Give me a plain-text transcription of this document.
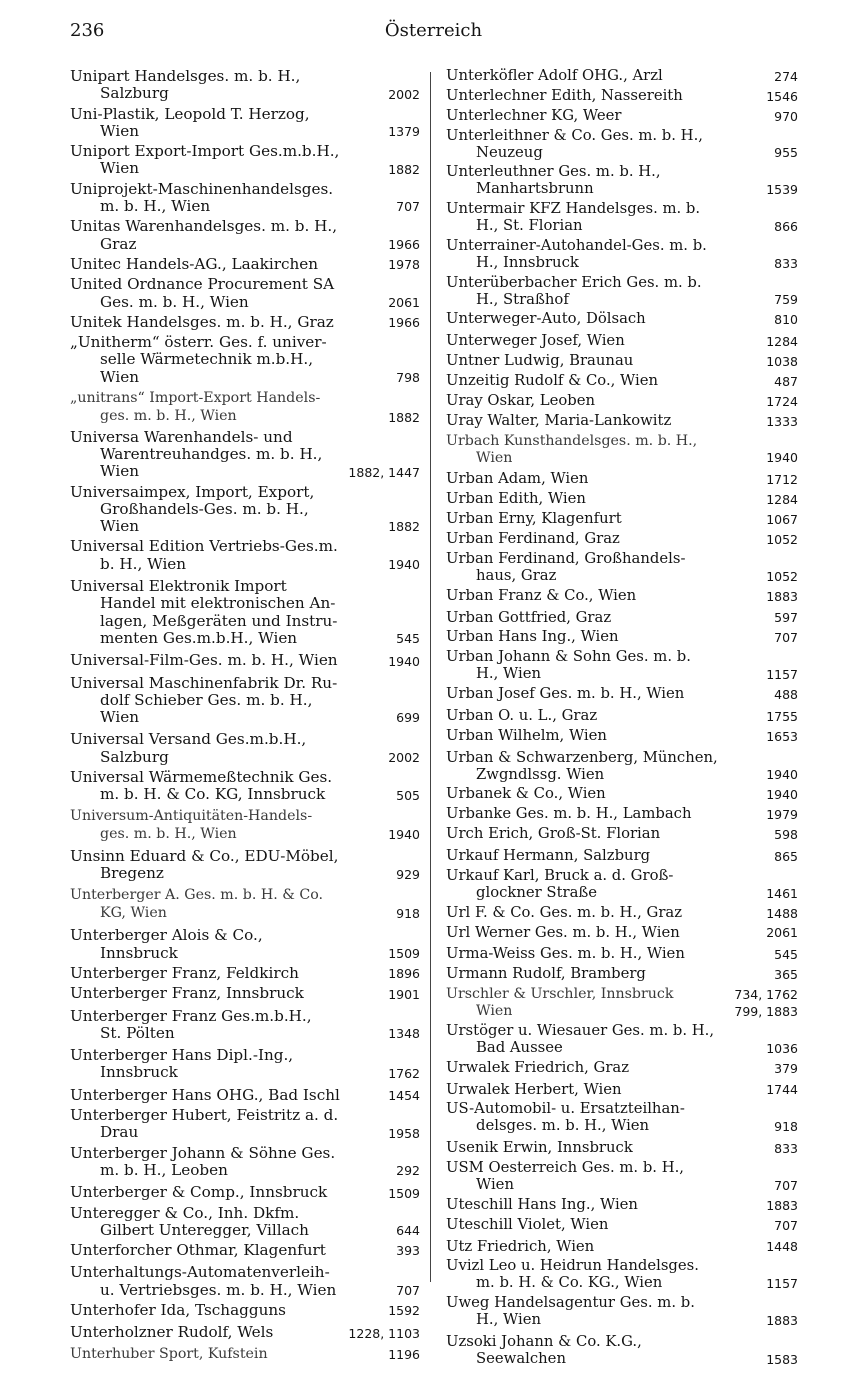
236	Österreich
Unipart Handelsges. m. b. H.,
Salzburg	2002
Uni-Plastik, Leopold T. Herzog,
Wien	1379
Uniport Export-Import Ges.m.b.H.,
Wien	1882
Uniprojekt-Maschinenhandelsges.
m. b. H., Wien	707
Unitas Warenhandelsges. m. b. H.,
Graz	1966
Unitec Handels-AG., Laakirchen	1978
United Ordnance Procurement SA
Ges. m. b. H., Wien	2061
Unitek Handelsges. m. b. H., Graz	1966
„Unitherm“ österr. Ges. f. univer-
selle Wärmetechnik m.b.H.,
Wien	798
„unitrans“ Import-Export Handels-
ges. m. b. H., Wien	1882
Universa Warenhandels- und
Warentreuhandges. m. b. H.,
Wien	1882, 1447
Universaimpex, Import, Export,
Großhandels-Ges. m. b. H.,
Wien	1882
Universal Edition Vertriebs-Ges.m.
b. H., Wien	1940
Universal Elektronik Import
Handel mit elektronischen An-
lagen, Meßgeräten und Instru-
menten Ges.m.b.H., Wien	545
Universal-Film-Ges. m. b. H., Wien	1940
Universal Maschinenfabrik Dr. Ru-
dolf Schieber Ges. m. b. H.,
Wien	699
Universal Versand Ges.m.b.H.,
Salzburg	2002
Universal Wärmemeßtechnik Ges.
m. b. H. & Co. KG, Innsbruck	505
Universum-Antiquitäten-Handels-
ges. m. b. H., Wien	1940
Unsinn Eduard & Co., EDU-Möbel,
Bregenz	929
Unterberger A. Ges. m. b. H. & Co.
KG, Wien	918
Unterberger Alois & Co.,
Innsbruck	1509
Unterberger Franz, Feldkirch	1896
Unterberger Franz, Innsbruck	1901
Unterberger Franz Ges.m.b.H.,
St. Pölten	1348
Unterberger Hans Dipl.-Ing.,
Innsbruck	1762
Unterberger Hans OHG., Bad Ischl	1454
Unterberger Hubert, Feistritz a. d.
Drau	1958
Unterberger Johann & Söhne Ges.
m. b. H., Leoben	292
Unterberger & Comp., Innsbruck	1509
Unteregger & Co., Inh. Dkfm.
Gilbert Unteregger, Villach	644
Unterforcher Othmar, Klagenfurt	393
Unterhaltungs-Automatenverleih-
u. Vertriebsges. m. b. H., Wien	707
Unterhofer Ida, Tschagguns	1592
Unterholzner Rudolf, Wels	1228, 1103
Unterhuber Sport, Kufstein	1196
Unterköfler Adolf OHG., Arzl	274
Unterlechner Edith, Nassereith	1546
Unterlechner KG, Weer	970
Unterleithner & Co. Ges. m. b. H.,
Neuzeug	955
Unterleuthner Ges. m. b. H.,
Manhartsbrunn	1539
Untermair KFZ Handelsges. m. b.
H., St. Florian	866
Unterrainer-Autohandel-Ges. m. b.
H., Innsbruck	833
Unterüberbacher Erich Ges. m. b.
H., Straßhof	759
Unterweger-Auto, Dölsach	810
Unterweger Josef, Wien	1284
Untner Ludwig, Braunau	1038
Unzeitig Rudolf & Co., Wien	487
Uray Oskar, Leoben	1724
Uray Walter, Maria-Lankowitz	1333
Urbach Kunsthandelsges. m. b. H.,
Wien	1940
Urban Adam, Wien	1712
Urban Edith, Wien	1284
Urban Erny, Klagenfurt	1067
Urban Ferdinand, Graz	1052
Urban Ferdinand, Großhandels-
haus, Graz	1052
Urban Franz & Co., Wien	1883
Urban Gottfried, Graz	597
Urban Hans Ing., Wien	707
Urban Johann & Sohn Ges. m. b.
H., Wien	1157
Urban Josef Ges. m. b. H., Wien	488
Urban O. u. L., Graz	1755
Urban Wilhelm, Wien	1653
Urban & Schwarzenberg, München,
Zwgndlssg. Wien	1940
Urbanek & Co., Wien	1940
Urbanke Ges. m. b. H., Lambach	1979
Urch Erich, Groß-St. Florian	598
Urkauf Hermann, Salzburg	865
Urkauf Karl, Bruck a. d. Groß-
glockner Straße	1461
Url F. & Co. Ges. m. b. H., Graz	1488
Url Werner Ges. m. b. H., Wien	2061
Urma-Weiss Ges. m. b. H., Wien	545
Urmann Rudolf, Bramberg	365
Urschler & Urschler, Innsbruck	734, 1762
Wien	799, 1883
Urstöger u. Wiesauer Ges. m. b. H.,
Bad Aussee	1036
Urwalek Friedrich, Graz	379
Urwalek Herbert, Wien	1744
US-Automobil- u. Ersatzteilhan-
delsges. m. b. H., Wien	918
Usenik Erwin, Innsbruck	833
USM Oesterreich Ges. m. b. H.,
Wien	707
Uteschill Hans Ing., Wien	1883
Uteschill Violet, Wien	707
Utz Friedrich, Wien	1448
Uvizl Leo u. Heidrun Handelsges.
m. b. H. & Co. KG., Wien	1157
Uweg Handelsagentur Ges. m. b.
H., Wien	1883
Uzsoki Johann & Co. K.G.,
Seewalchen	1583
